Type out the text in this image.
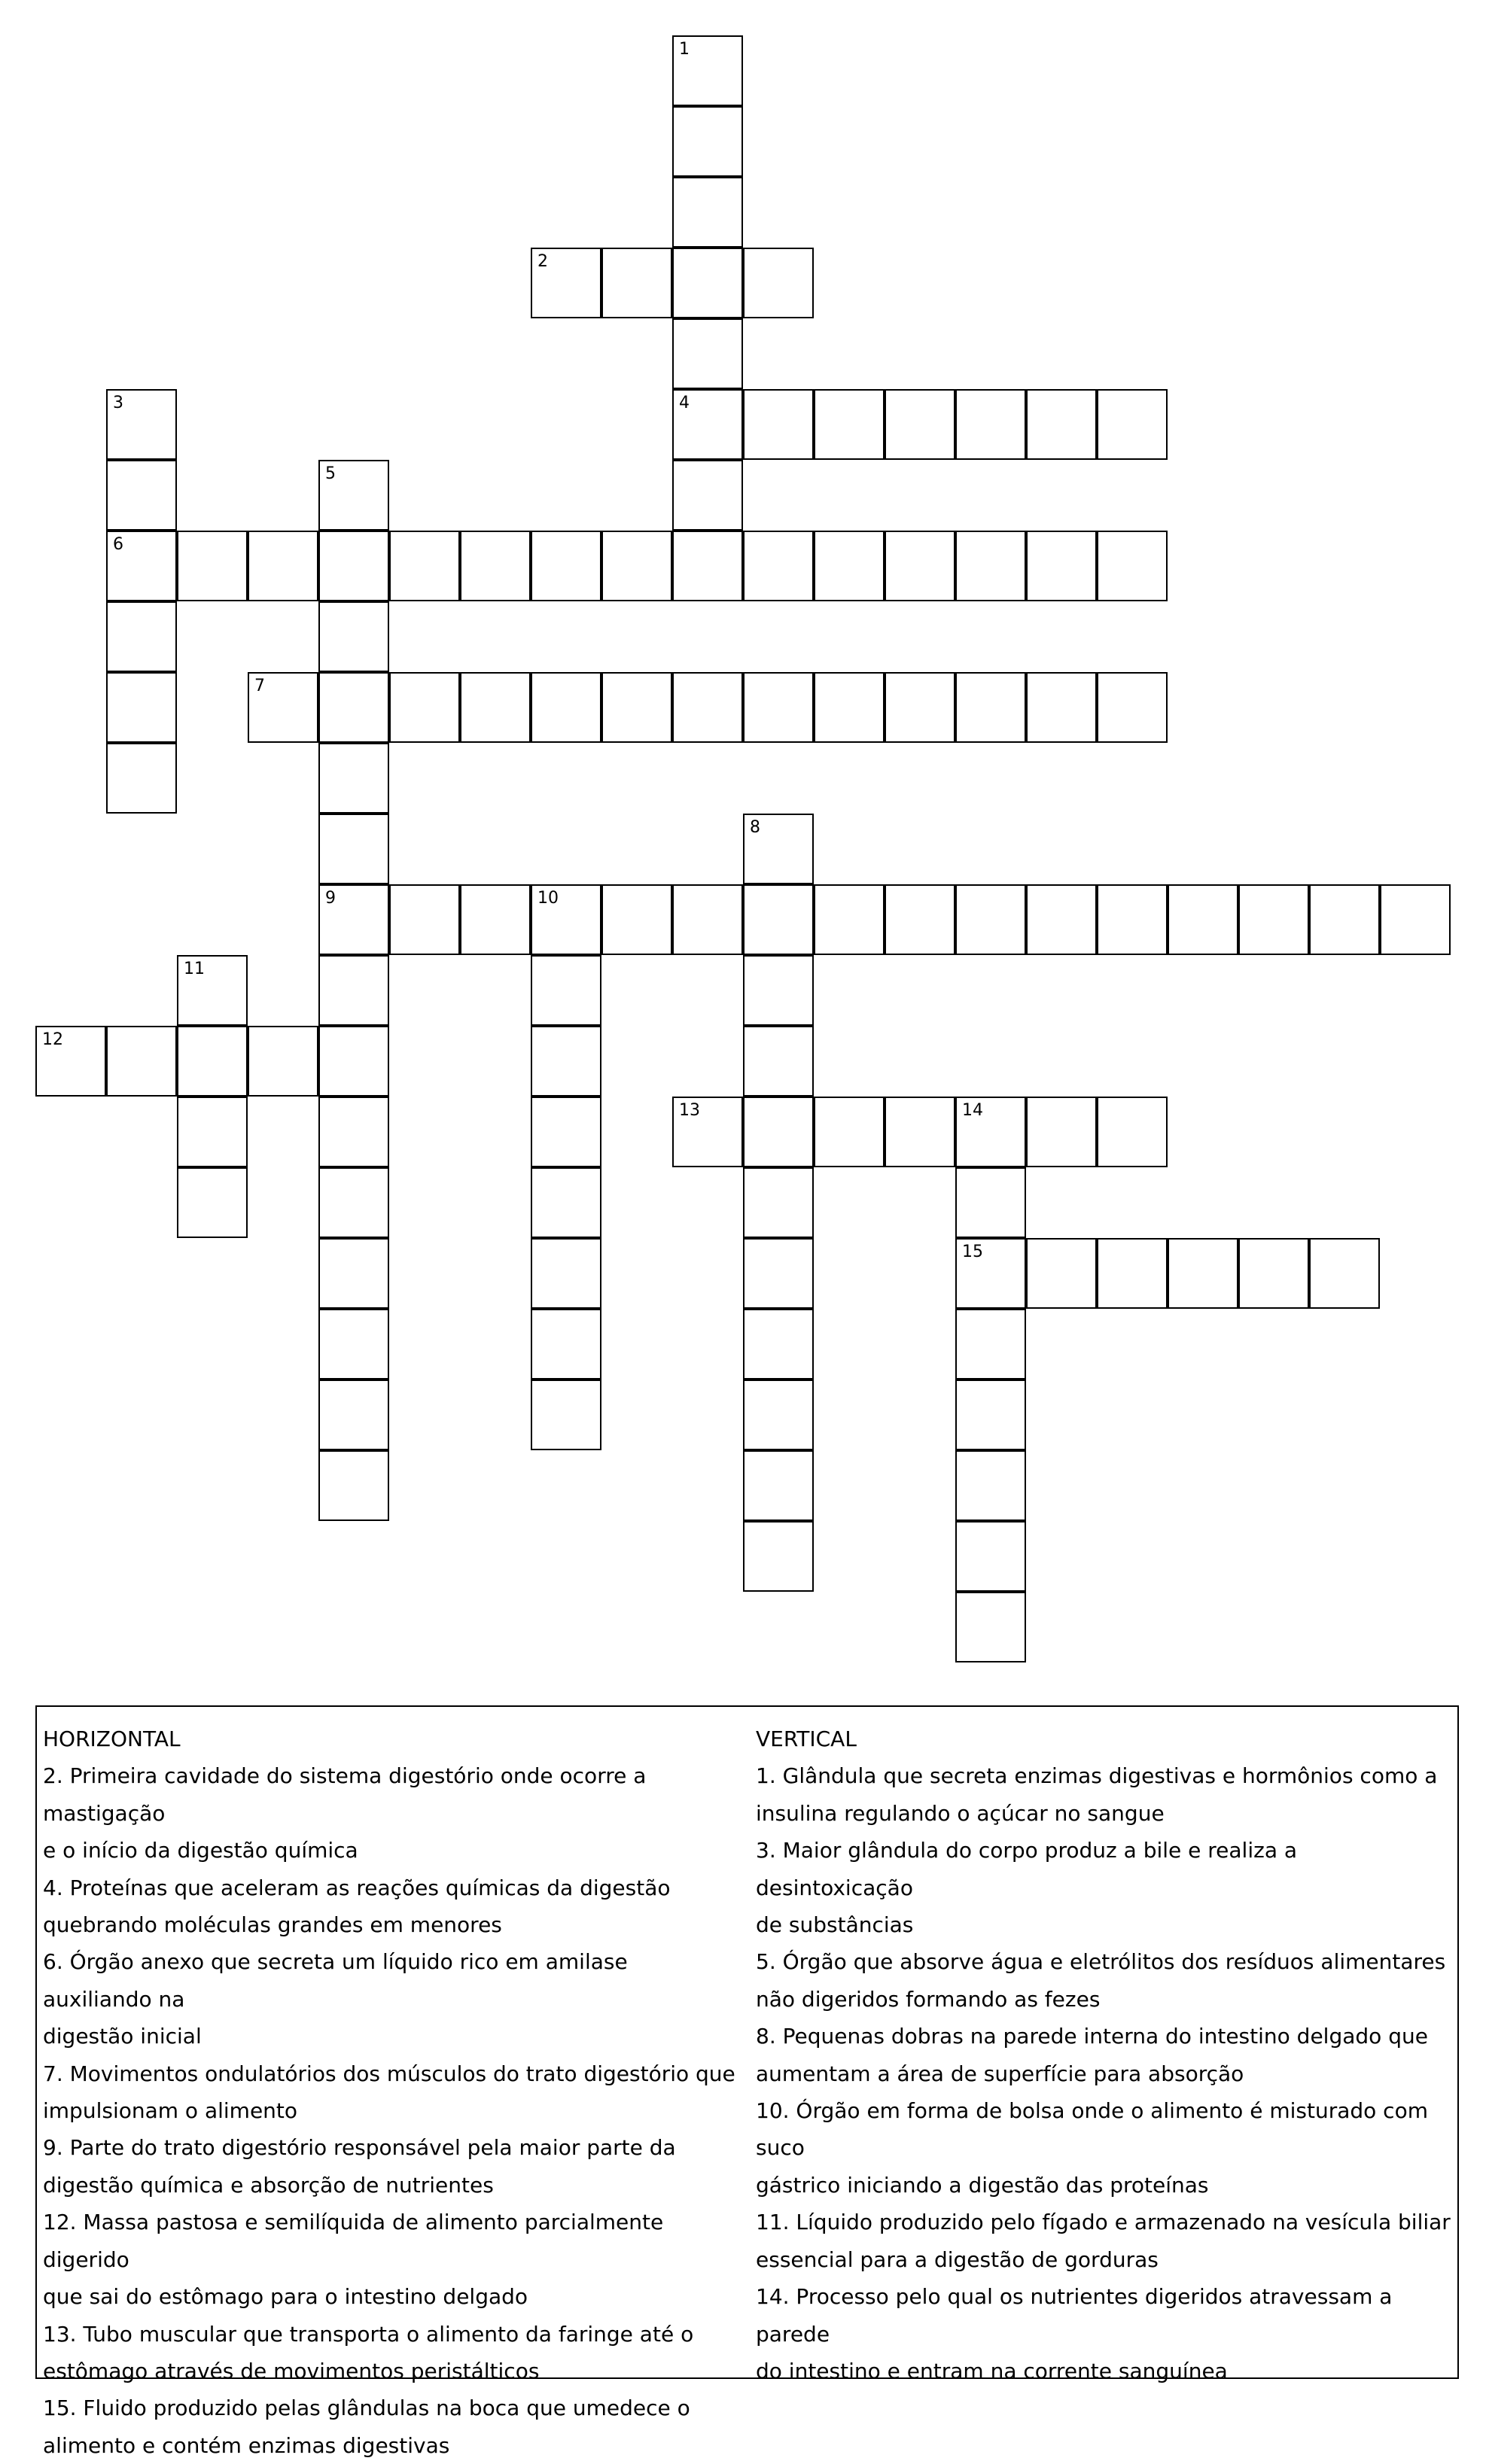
1
4
2
3
6
5
9
7
8
10
11
12
13	14
15

HORIZONTAL

2. Primeira cavidade do sistema digestório onde ocorre a mastigação

e o início da digestão química

4. Proteínas que aceleram as reações químicas da digestão

quebrando moléculas grandes em menores

6. Órgão anexo que secreta um líquido rico em amilase auxiliando na

digestão inicial

7. Movimentos ondulatórios dos músculos do trato digestório que

impulsionam o alimento

9. Parte do trato digestório responsável pela maior parte da

digestão química e absorção de nutrientes

12. Massa pastosa e semilíquida de alimento parcialmente digerido

que sai do estômago para o intestino delgado

13. Tubo muscular que transporta o alimento da faringe até o

estômago através de movimentos peristálticos

15. Fluido produzido pelas glândulas na boca que umedece o

alimento e contém enzimas digestivas

VERTICAL

1. Glândula que secreta enzimas digestivas e hormônios como a

insulina regulando o açúcar no sangue

3. Maior glândula do corpo produz a bile e realiza a desintoxicação

de substâncias

5. Órgão que absorve água e eletrólitos dos resíduos alimentares

não digeridos formando as fezes

8. Pequenas dobras na parede interna do intestino delgado que

aumentam a área de superfície para absorção

10. Órgão em forma de bolsa onde o alimento é misturado com suco

gástrico iniciando a digestão das proteínas

11. Líquido produzido pelo fígado e armazenado na vesícula biliar

essencial para a digestão de gorduras

14. Processo pelo qual os nutrientes digeridos atravessam a parede

do intestino e entram na corrente sanguínea
